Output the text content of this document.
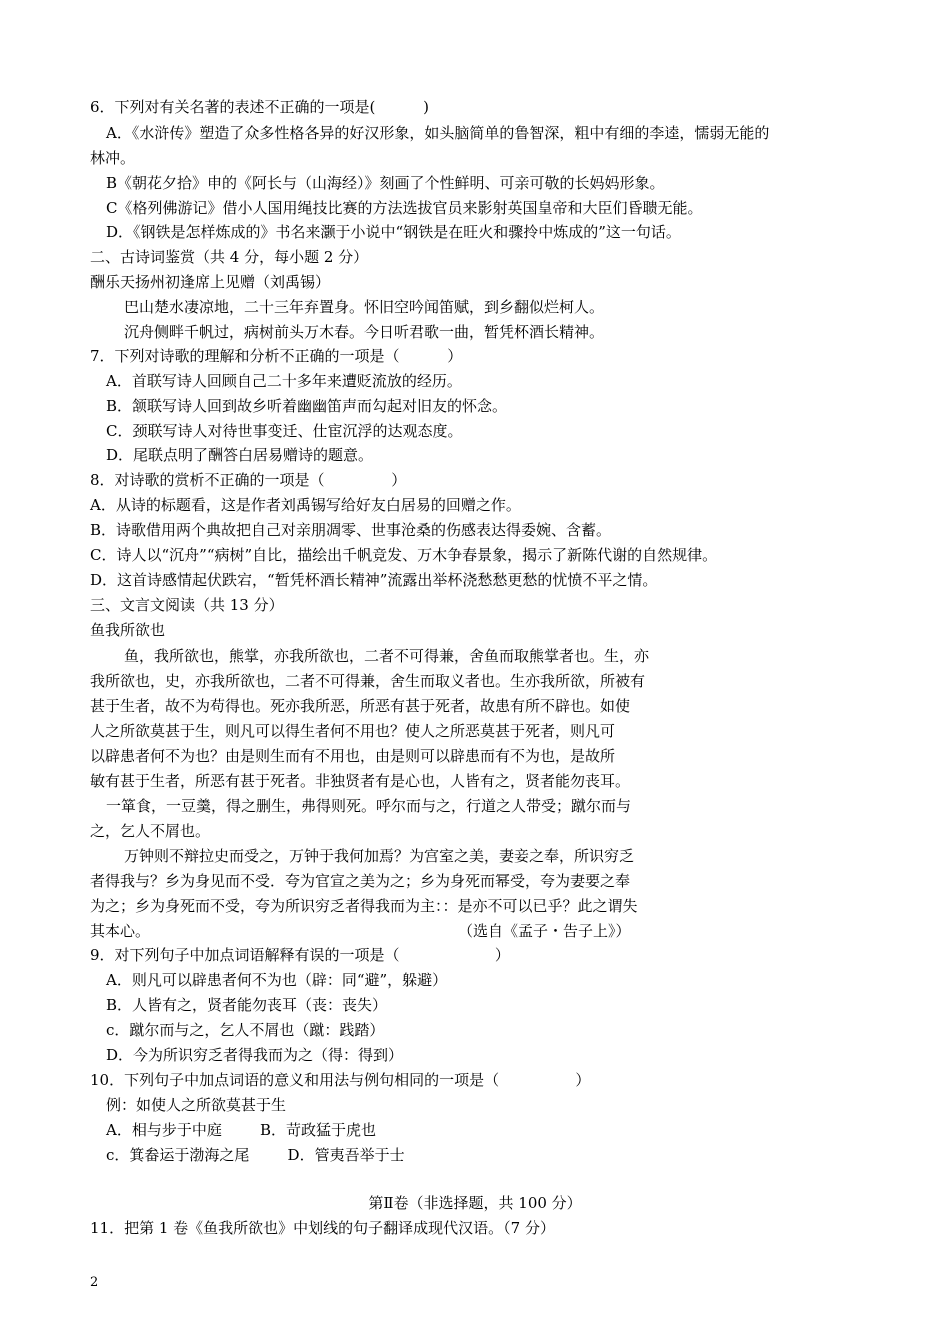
6．下列对有关名著的表述不正确的一项是(          )
A．《水浒传》塑造了众多性格各异的好汉形象，如头脑简单的鲁智深，粗中有细的李逵，懦弱无能的
林冲。
B《朝花夕拾》申的《阿长与（山海经）》刻画了个性鲜明、可亲可敬的长妈妈形象。
C《格列佛游记》借小人国用绳技比赛的方法选拔官员来影射英国皇帝和大臣们昏聩无能。
D．《钢铁是怎样炼成的》书名来灏于小说中“钢铁是在旺火和骤拎中炼成的”这一句话。
二、古诗词鉴赏（共 4 分，每小题 2 分）
酬乐天扬州初逢席上见赠（刘禹锡）
巴山楚水凄凉地，二十三年弃置身。怀旧空吟闻笛赋，到乡翻似烂柯人。
沉舟侧畔千帆过，病树前头万木春。今日听君歌一曲，暂凭杯酒长精神。
7．下列对诗歌的理解和分析不正确的一项是（          ）
A．首联写诗人回顾自己二十多年来遭贬流放的经历。
B．颔联写诗人回到故乡听着幽幽笛声而勾起对旧友的怀念。
C．颈联写诗人对待世事变迁、仕宦沉浮的达观态度。
D．尾联点明了酬答白居易赠诗的题意。
8．对诗歌的赏析不正确的一项是（              ）
A．从诗的标题看，这是作者刘禹锡写给好友白居易的回赠之作。
B．诗歌借用两个典故把自己对亲朋凋零、世事沧桑的伤感表达得委婉、含蓄。
C．诗人以“沉舟”“病树”自比，描绘出千帆竞发、万木争春景象，揭示了新陈代谢的自然规律。
D．这首诗感情起伏跌宕，“暂凭杯酒长精神”流露出举杯浇愁愁更愁的忧愤不平之情。
三、文言文阅读（共 13 分）
鱼我所欲也
鱼，我所欲也，熊掌，亦我所欲也，二者不可得兼，舍鱼而取熊掌者也。生，亦
我所欲也，史，亦我所欲也，二者不可得兼，舍生而取义者也。生亦我所欲，所被有
甚于生者，故不为苟得也。死亦我所恶，所恶有甚于死者，故患有所不辟也。如使
人之所欲莫甚于生，则凡可以得生者何不用也？使人之所恶莫甚于死者，则凡可
以辟患者何不为也？由是则生而有不用也，由是则可以辟患而有不为也，是故所
敏有甚于生者，所恶有甚于死者。非独贤者有是心也，人皆有之，贤者能勿丧耳。
一箪食，一豆羹，得之删生，弗得则死。呼尔而与之，行道之人带受；蹴尔而与
之，乞人不屑也。
万钟则不辩拉史而受之，万钟于我何加焉？为宫室之美，妻妾之奉，所识穷乏
者得我与？乡为身见而不受．夸为官宣之美为之；乡为身死而幂受，夸为妻要之奉
为之；乡为身死而不受，夸为所识穷乏者得我而为主：：是亦不可以已乎？此之谓失
其本心。	（选自《孟子・告子上》）
9．对下列句子中加点词语解释有误的一项是（                    ）
A．则凡可以辟患者何不为也（辟：同“避”，躲避）
B．人皆有之，贤者能勿丧耳（丧：丧失）
c．蹴尔而与之，乞人不屑也（蹴：践踏）
D．今为所识穷乏者得我而为之（得：得到）
10．下列句子中加点词语的意义和用法与例句相同的一项是（                ）
例：如使人之所欲莫甚于生
A．相与步于中庭        B．苛政猛于虎也
c．箕畚运于渤海之尾        D．管夷吾举于士
第Ⅱ卷（非选择题，共 100 分）
11．把第 1 卷《鱼我所欲也》中划线的句子翻译成现代汉语。（7 分）
2
